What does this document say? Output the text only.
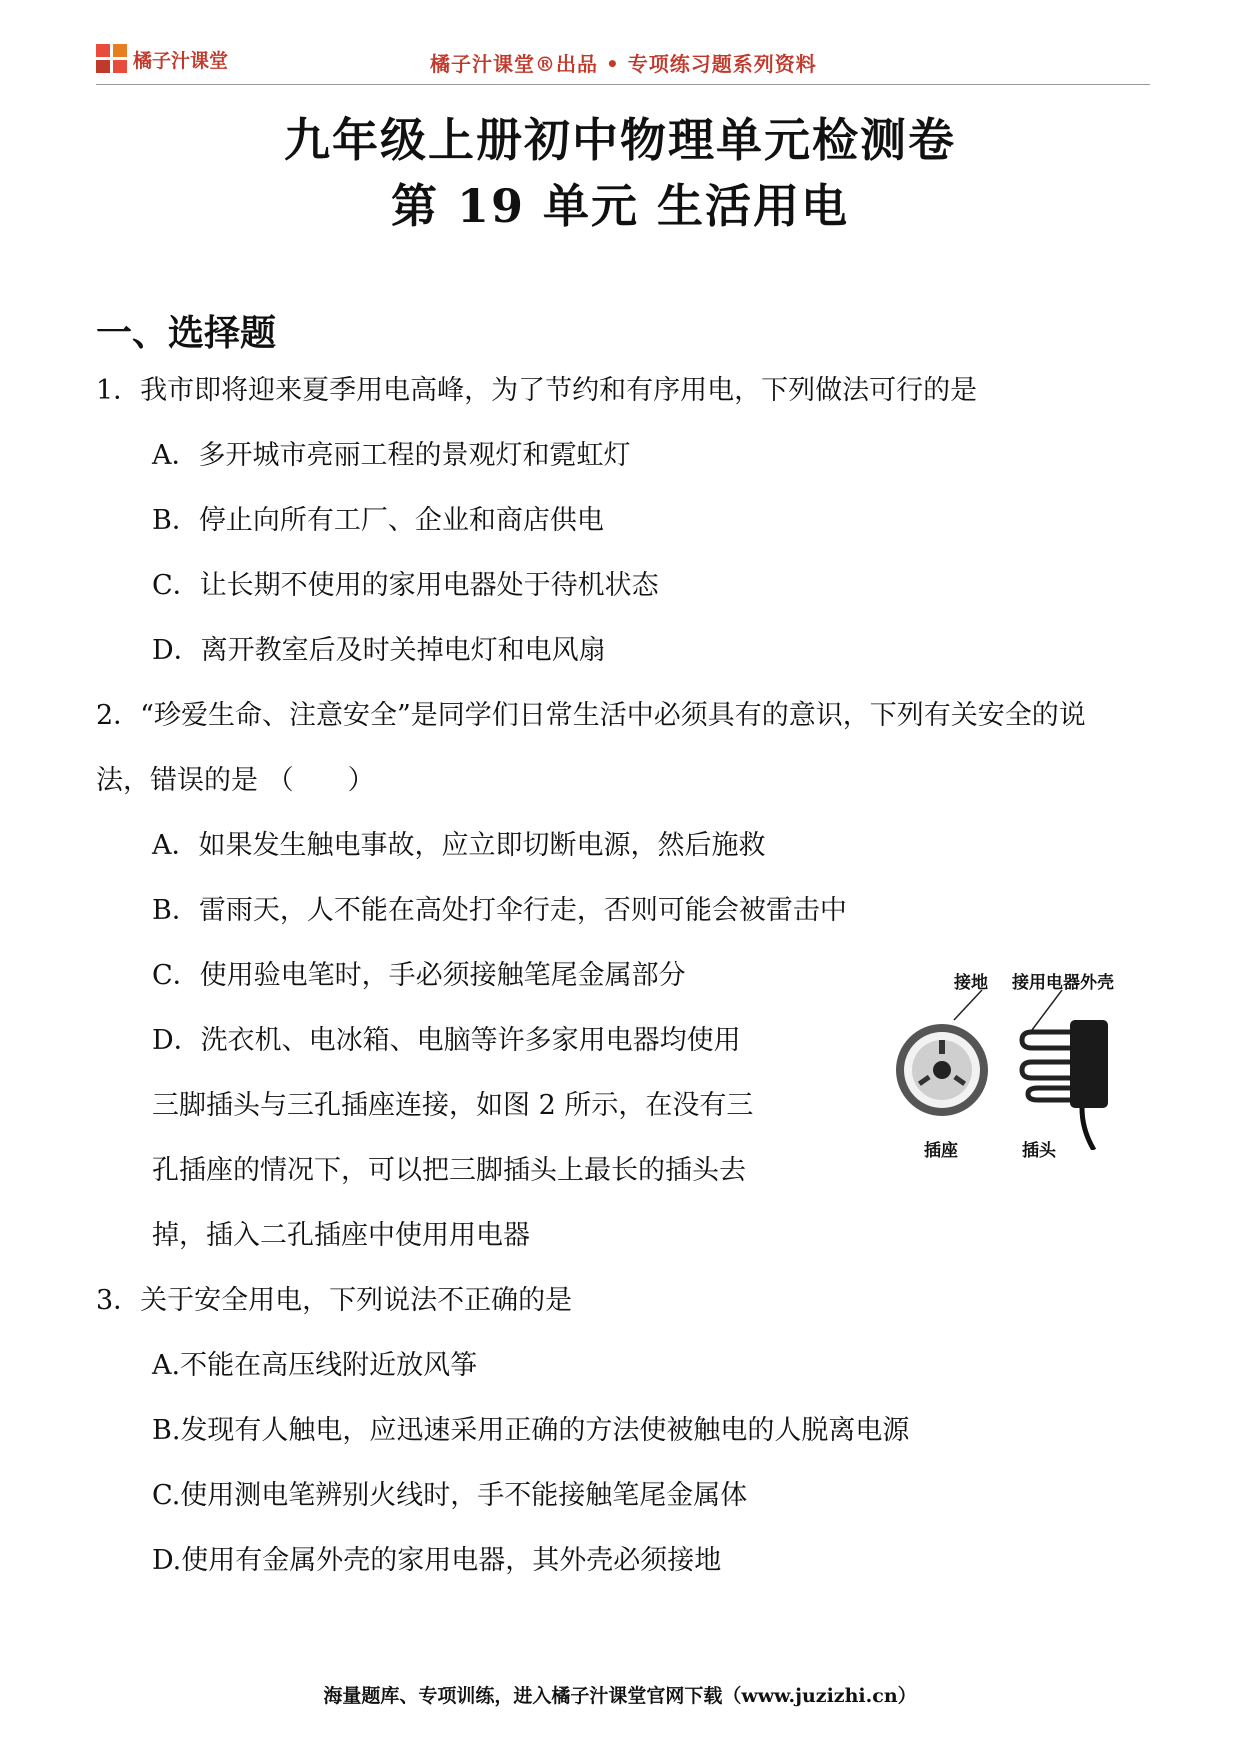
橘子汁课堂	橘子汁课堂®出品 • 专项练习题系列资料
九年级上册初中物理单元检测卷
第 19 单元 生活用电
一、选择题
1．我市即将迎来夏季用电高峰，为了节约和有序用电，下列做法可行的是
A．多开城市亮丽工程的景观灯和霓虹灯
B．停止向所有工厂、企业和商店供电
C．让长期不使用的家用电器处于待机状态
D．离开教室后及时关掉电灯和电风扇
2．“珍爱生命、注意安全”是同学们日常生活中必须具有的意识，下列有关安全的说
法，错误的是 （　　）
A．如果发生触电事故，应立即切断电源，然后施救
B．雷雨天，人不能在高处打伞行走，否则可能会被雷击中
C．使用验电笔时，手必须接触笔尾金属部分
D．洗衣机、电冰箱、电脑等许多家用电器均使用
三脚插头与三孔插座连接，如图 2 所示，在没有三
孔插座的情况下，可以把三脚插头上最长的插头去
掉，插入二孔插座中使用用电器
接地 接用电器外壳
插座	插头
3．关于安全用电，下列说法不正确的是
A.不能在高压线附近放风筝
B.发现有人触电，应迅速采用正确的方法使被触电的人脱离电源
C.使用测电笔辨别火线时，手不能接触笔尾金属体
D.使用有金属外壳的家用电器，其外壳必须接地
海量题库、专项训练，进入橘子汁课堂官网下载（www.juzizhi.cn）
